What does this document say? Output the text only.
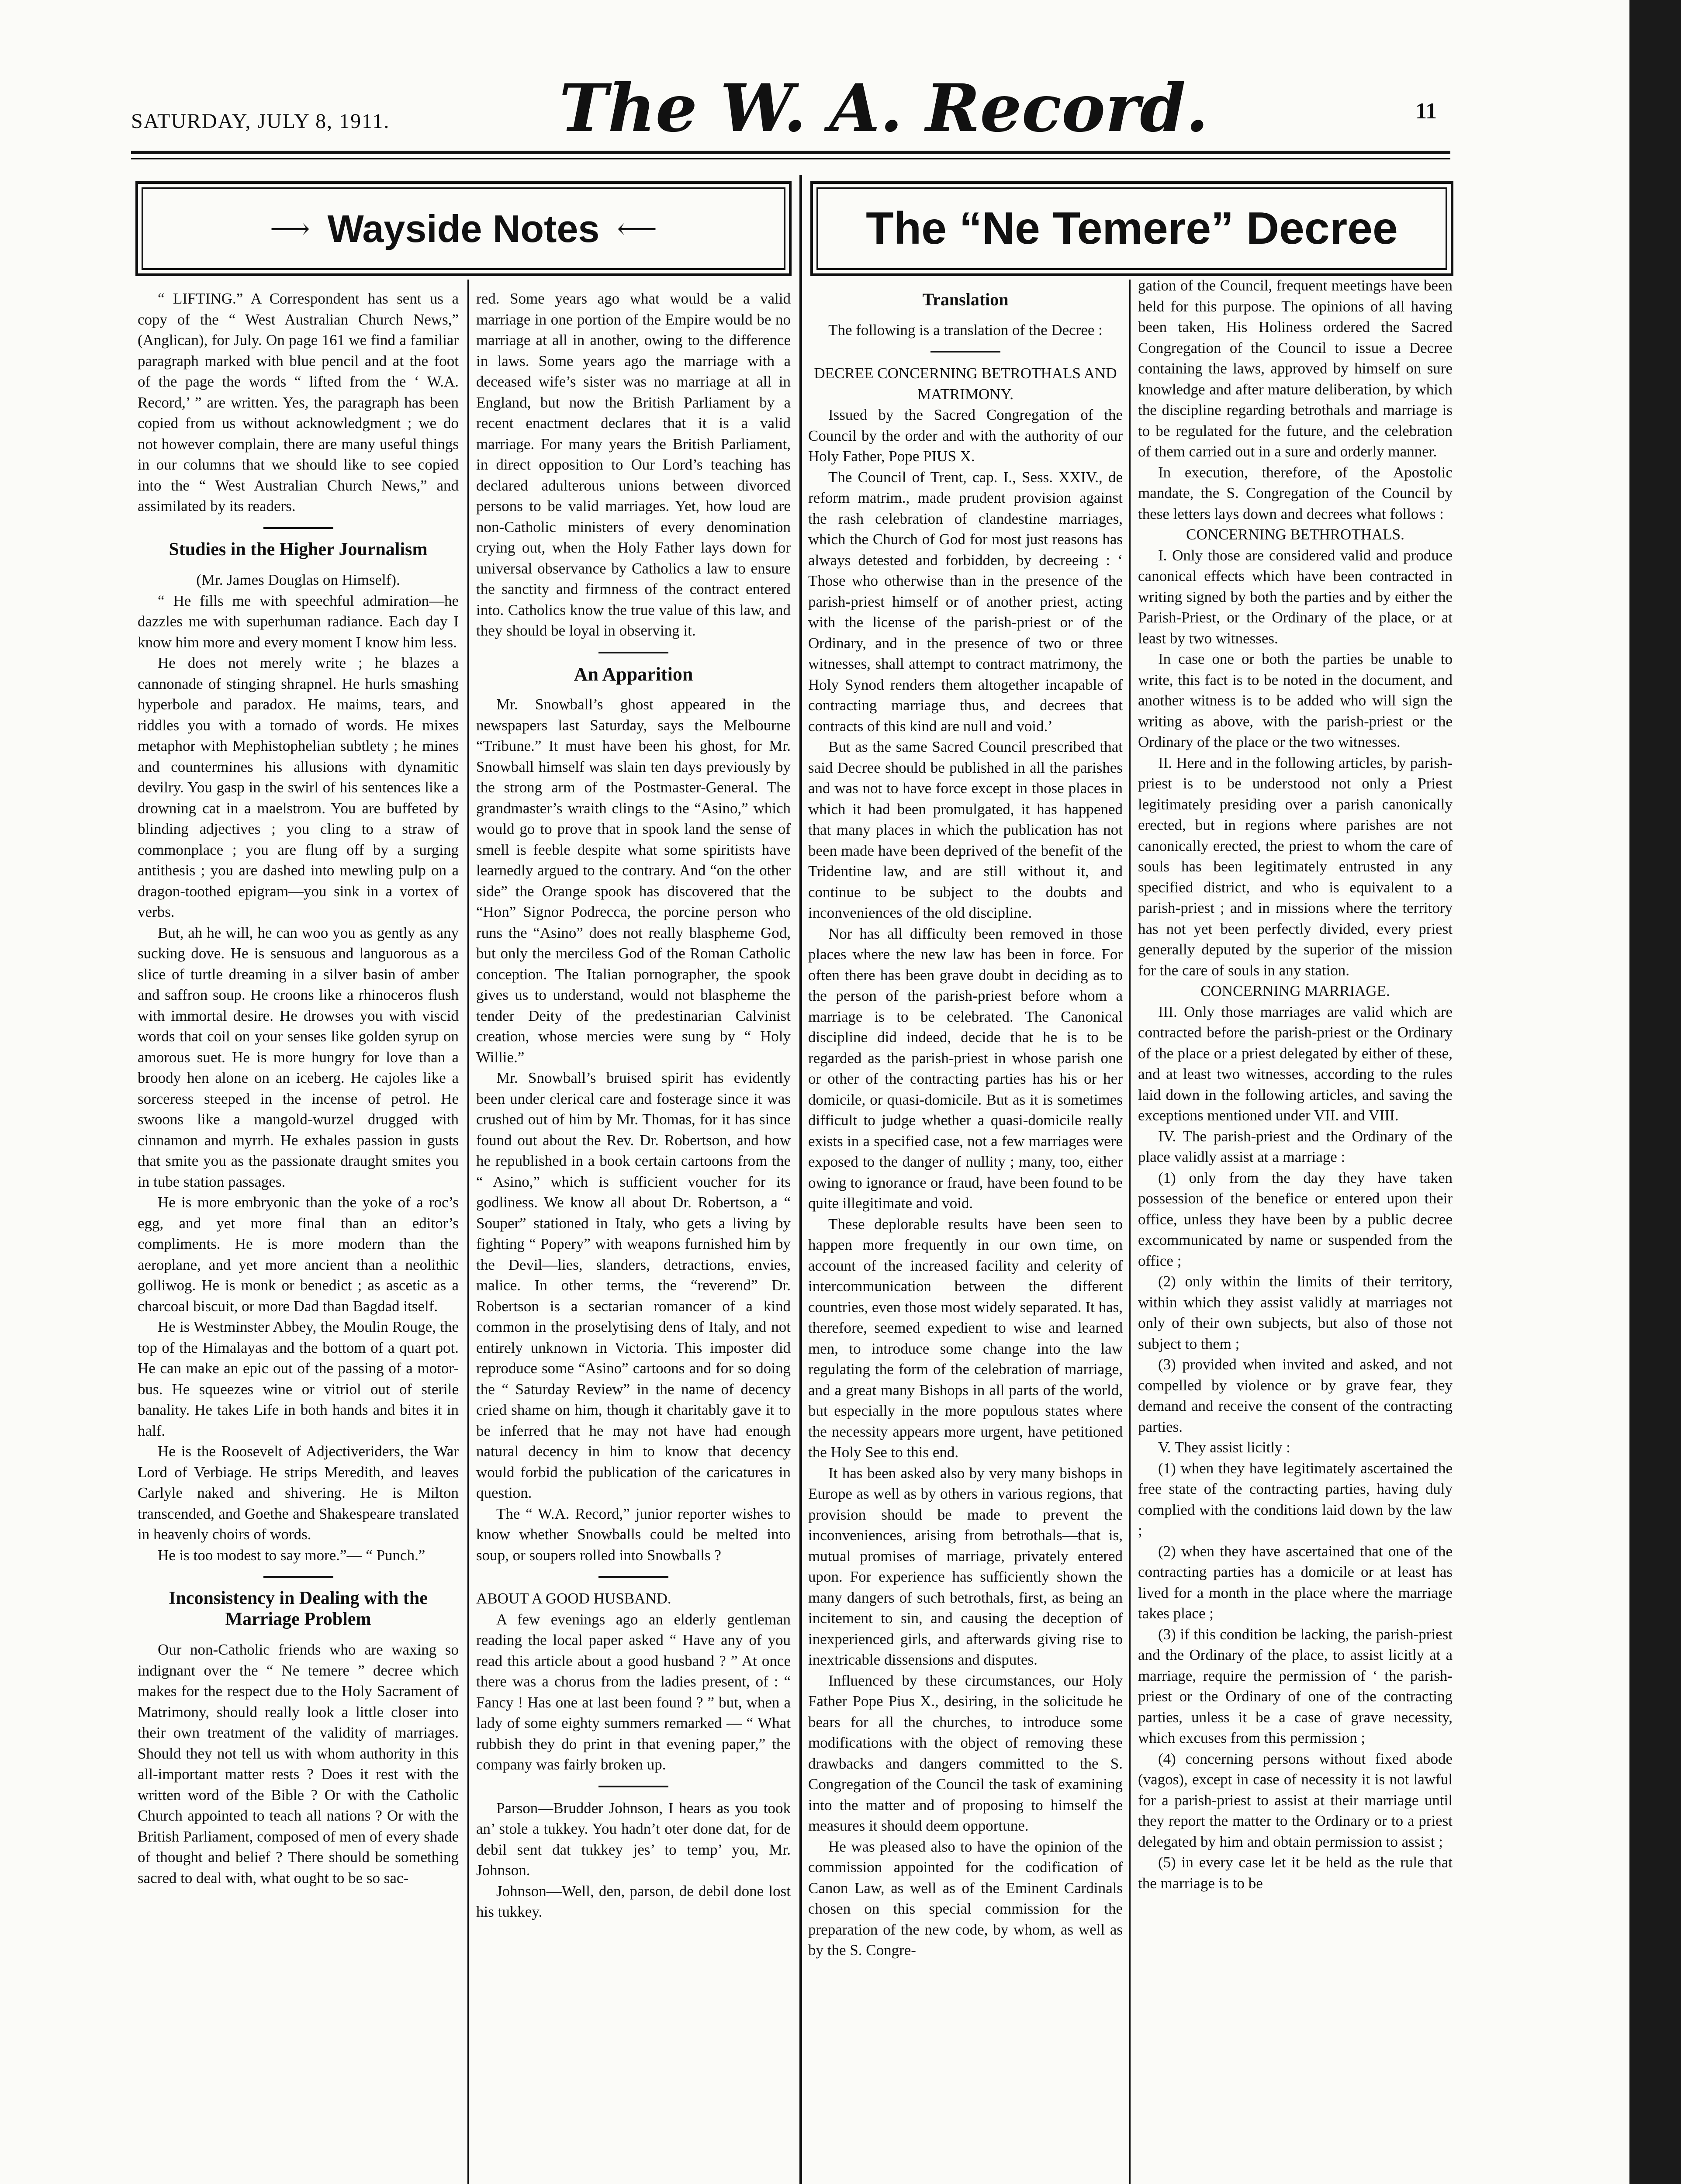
SATURDAY, JULY 8, 1911.	The W. A. Record.	11
⟶ Wayside Notes ⟵	The “Ne Temere” Decree

“ LIFTING.” A Correspondent has sent us a copy of the “ West Australian Church News,” (Anglican), for July. On page 161 we find a familiar paragraph marked with blue pencil and at the foot of the page the words “ lifted from the ‘ W.A. Record,’ ” are written. Yes, the paragraph has been copied from us without acknowledgment ; we do not however complain, there are many useful things in our columns that we should like to see copied into the “ West Australian Church News,” and assimilated by its readers.

Studies in the Higher Journalism

(Mr. James Douglas on Himself).

“ He fills me with speechful admiration—he dazzles me with superhuman radiance. Each day I know him more and every moment I know him less.

He does not merely write ; he blazes a cannonade of stinging shrapnel. He hurls smashing hyperbole and paradox. He maims, tears, and riddles you with a tornado of words. He mixes metaphor with Mephistophelian subtlety ; he mines and countermines his allusions with dynamitic devilry. You gasp in the swirl of his sentences like a drowning cat in a maelstrom. You are buffeted by blinding adjectives ; you cling to a straw of commonplace ; you are flung off by a surging antithesis ; you are dashed into mewling pulp on a dragon-toothed epigram—you sink in a vortex of verbs.

But, ah he will, he can woo you as gently as any sucking dove. He is sensuous and languorous as a slice of turtle dreaming in a silver basin of amber and saffron soup. He croons like a rhinoceros flush with immortal desire. He drowses you with viscid words that coil on your senses like golden syrup on amorous suet. He is more hungry for love than a broody hen alone on an iceberg. He cajoles like a sorceress steeped in the incense of petrol. He swoons like a mangold-wurzel drugged with cinnamon and myrrh. He exhales passion in gusts that smite you as the passionate draught smites you in tube station passages.

He is more embryonic than the yoke of a roc’s egg, and yet more final than an editor’s compliments. He is more modern than the aeroplane, and yet more ancient than a neolithic golliwog. He is monk or benedict ; as ascetic as a charcoal biscuit, or more Dad than Bagdad itself.

He is Westminster Abbey, the Moulin Rouge, the top of the Himalayas and the bottom of a quart pot. He can make an epic out of the passing of a motor-bus. He squeezes wine or vitriol out of sterile banality. He takes Life in both hands and bites it in half.

He is the Roosevelt of Adjectiveriders, the War Lord of Verbiage. He strips Meredith, and leaves Carlyle naked and shivering. He is Milton transcended, and Goethe and Shakespeare translated in heavenly choirs of words.

He is too modest to say more.”— “ Punch.”

Inconsistency in Dealing with the Marriage Problem

Our non-Catholic friends who are waxing so indignant over the “ Ne temere ” decree which makes for the respect due to the Holy Sacrament of Matrimony, should really look a little closer into their own treatment of the validity of marriages. Should they not tell us with whom authority in this all-important matter rests ? Does it rest with the written word of the Bible ? Or with the Catholic Church appointed to teach all nations ? Or with the British Parliament, composed of men of every shade of thought and belief ? There should be something sacred to deal with, what ought to be so sac-

red. Some years ago what would be a valid marriage in one portion of the Empire would be no marriage at all in another, owing to the difference in laws. Some years ago the marriage with a deceased wife’s sister was no marriage at all in England, but now the British Parliament by a recent enactment declares that it is a valid marriage. For many years the British Parliament, in direct opposition to Our Lord’s teaching has declared adulterous unions between divorced persons to be valid marriages. Yet, how loud are non-Catholic ministers of every denomination crying out, when the Holy Father lays down for universal observance by Catholics a law to ensure the sanctity and firmness of the contract entered into. Catholics know the true value of this law, and they should be loyal in observing it.

An Apparition

Mr. Snowball’s ghost appeared in the newspapers last Saturday, says the Melbourne “Tribune.” It must have been his ghost, for Mr. Snowball himself was slain ten days previously by the strong arm of the Postmaster-General. The grandmaster’s wraith clings to the “Asino,” which would go to prove that in spook land the sense of smell is feeble despite what some spiritists have learnedly argued to the contrary. And “on the other side” the Orange spook has discovered that the “Hon” Signor Podrecca, the porcine person who runs the “Asino” does not really blaspheme God, but only the merciless God of the Roman Catholic conception. The Italian pornographer, the spook gives us to understand, would not blaspheme the tender Deity of the predestinarian Calvinist creation, whose mercies were sung by “ Holy Willie.”

Mr. Snowball’s bruised spirit has evidently been under clerical care and fosterage since it was crushed out of him by Mr. Thomas, for it has since found out about the Rev. Dr. Robertson, and how he republished in a book certain cartoons from the “ Asino,” which is sufficient voucher for its godliness. We know all about Dr. Robertson, a “ Souper” stationed in Italy, who gets a living by fighting “ Popery” with weapons furnished him by the Devil—lies, slanders, detractions, envies, malice. In other terms, the “reverend” Dr. Robertson is a sectarian romancer of a kind common in the proselytising dens of Italy, and not entirely unknown in Victoria. This imposter did reproduce some “Asino” cartoons and for so doing the “ Saturday Review” in the name of decency cried shame on him, though it charitably gave it to be inferred that he may not have had enough natural decency in him to know that decency would forbid the publication of the caricatures in question.

The “ W.A. Record,” junior reporter wishes to know whether Snowballs could be melted into soup, or soupers rolled into Snowballs ?

ABOUT A GOOD HUSBAND.

A few evenings ago an elderly gentleman reading the local paper asked “ Have any of you read this article about a good husband ? ” At once there was a chorus from the ladies present, of : “ Fancy ! Has one at last been found ? ” but, when a lady of some eighty summers remarked — “ What rubbish they do print in that evening paper,” the company was fairly broken up.

Parson—Brudder Johnson, I hears as you took an’ stole a tukkey. You hadn’t oter done dat, for de debil sent dat tukkey jes’ to temp’ you, Mr. Johnson.

Johnson—Well, den, parson, de debil done lost his tukkey.

Translation

The following is a translation of the Decree :

DECREE CONCERNING BETROTHALS AND MATRIMONY.

Issued by the Sacred Congregation of the Council by the order and with the authority of our Holy Father, Pope PIUS X.

The Council of Trent, cap. I., Sess. XXIV., de reform matrim., made prudent provision against the rash celebration of clandestine marriages, which the Church of God for most just reasons has always detested and forbidden, by decreeing : ‘ Those who otherwise than in the presence of the parish-priest himself or of another priest, acting with the license of the parish-priest or of the Ordinary, and in the presence of two or three witnesses, shall attempt to contract matrimony, the Holy Synod renders them altogether incapable of contracting marriage thus, and decrees that contracts of this kind are null and void.’

But as the same Sacred Council prescribed that said Decree should be published in all the parishes and was not to have force except in those places in which it had been promulgated, it has happened that many places in which the publication has not been made have been deprived of the benefit of the Tridentine law, and are still without it, and continue to be subject to the doubts and inconveniences of the old discipline.

Nor has all difficulty been removed in those places where the new law has been in force. For often there has been grave doubt in deciding as to the person of the parish-priest before whom a marriage is to be celebrated. The Canonical discipline did indeed, decide that he is to be regarded as the parish-priest in whose parish one or other of the contracting parties has his or her domicile, or quasi-domicile. But as it is sometimes difficult to judge whether a quasi-domicile really exists in a specified case, not a few marriages were exposed to the danger of nullity ; many, too, either owing to ignorance or fraud, have been found to be quite illegitimate and void.

These deplorable results have been seen to happen more frequently in our own time, on account of the increased facility and celerity of intercommunication between the different countries, even those most widely separated. It has, therefore, seemed expedient to wise and learned men, to introduce some change into the law regulating the form of the celebration of marriage, and a great many Bishops in all parts of the world, but especially in the more populous states where the necessity appears more urgent, have petitioned the Holy See to this end.

It has been asked also by very many bishops in Europe as well as by others in various regions, that provision should be made to prevent the inconveniences, arising from betrothals—that is, mutual promises of marriage, privately entered upon. For experience has sufficiently shown the many dangers of such betrothals, first, as being an incitement to sin, and causing the deception of inexperienced girls, and afterwards giving rise to inextricable dissensions and disputes.

Influenced by these circumstances, our Holy Father Pope Pius X., desiring, in the solicitude he bears for all the churches, to introduce some modifications with the object of removing these drawbacks and dangers committed to the S. Congregation of the Council the task of examining into the matter and of proposing to himself the measures it should deem opportune.

He was pleased also to have the opinion of the commission appointed for the codification of Canon Law, as well as of the Eminent Cardinals chosen on this special commission for the preparation of the new code, by whom, as well as by the S. Congre-

gation of the Council, frequent meetings have been held for this purpose. The opinions of all having been taken, His Holiness ordered the Sacred Congregation of the Council to issue a Decree containing the laws, approved by himself on sure knowledge and after mature deliberation, by which the discipline regarding betrothals and marriage is to be regulated for the future, and the celebration of them carried out in a sure and orderly manner.

In execution, therefore, of the Apostolic mandate, the S. Congregation of the Council by these letters lays down and decrees what follows :

CONCERNING BETHROTHALS.

I. Only those are considered valid and produce canonical effects which have been contracted in writing signed by both the parties and by either the Parish-Priest, or the Ordinary of the place, or at least by two witnesses.

In case one or both the parties be unable to write, this fact is to be noted in the document, and another witness is to be added who will sign the writing as above, with the parish-priest or the Ordinary of the place or the two witnesses.

II. Here and in the following articles, by parish-priest is to be understood not only a Priest legitimately presiding over a parish canonically erected, but in regions where parishes are not canonically erected, the priest to whom the care of souls has been legitimately entrusted in any specified district, and who is equivalent to a parish-priest ; and in missions where the territory has not yet been perfectly divided, every priest generally deputed by the superior of the mission for the care of souls in any station.

CONCERNING MARRIAGE.

III. Only those marriages are valid which are contracted before the parish-priest or the Ordinary of the place or a priest delegated by either of these, and at least two witnesses, according to the rules laid down in the following articles, and saving the exceptions mentioned under VII. and VIII.

IV. The parish-priest and the Ordinary of the place validly assist at a marriage :

(1) only from the day they have taken possession of the benefice or entered upon their office, unless they have been by a public decree excommunicated by name or suspended from the office ;

(2) only within the limits of their territory, within which they assist validly at marriages not only of their own subjects, but also of those not subject to them ;

(3) provided when invited and asked, and not compelled by violence or by grave fear, they demand and receive the consent of the contracting parties.

V. They assist licitly :

(1) when they have legitimately ascertained the free state of the contracting parties, having duly complied with the conditions laid down by the law ;

(2) when they have ascertained that one of the contracting parties has a domicile or at least has lived for a month in the place where the marriage takes place ;

(3) if this condition be lacking, the parish-priest and the Ordinary of the place, to assist licitly at a marriage, require the permission of ‘ the parish-priest or the Ordinary of one of the contracting parties, unless it be a case of grave necessity, which excuses from this permission ;

(4) concerning persons without fixed abode (vagos), except in case of necessity it is not lawful for a parish-priest to assist at their marriage until they report the matter to the Ordinary or to a priest delegated by him and obtain permission to assist ;

(5) in every case let it be held as the rule that the marriage is to be
